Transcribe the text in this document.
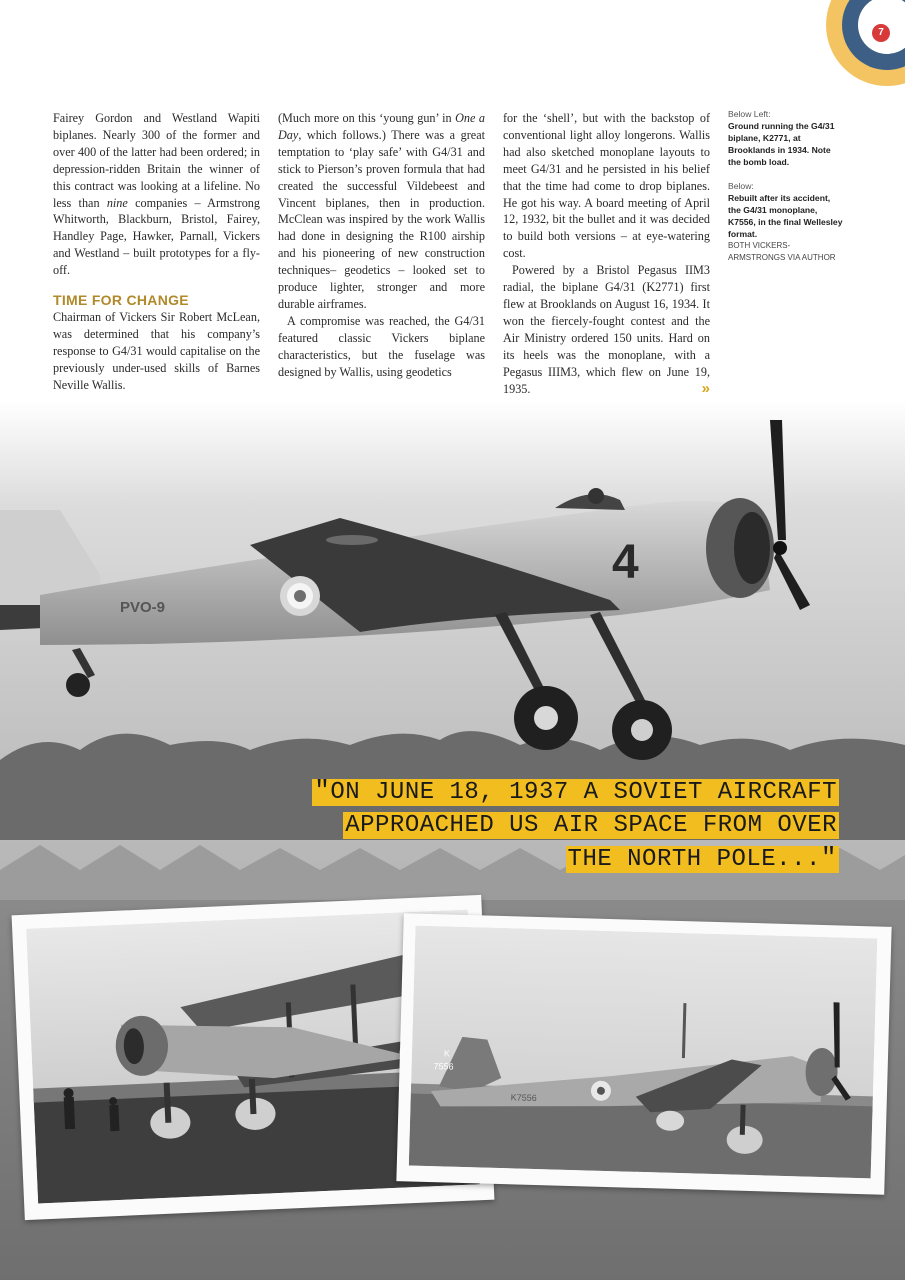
7

Fairey Gordon and Westland Wapiti biplanes. Nearly 300 of the former and over 400 of the latter had been ordered; in depression-ridden Britain the winner of this contract was looking at a lifeline. No less than nine companies – Armstrong Whitworth, Blackburn, Bristol, Fairey, Handley Page, Hawker, Parnall, Vickers and Westland – built prototypes for a fly-off.

TIME FOR CHANGE

Chairman of Vickers Sir Robert McLean, was determined that his company’s response to G4/31 would capitalise on the previously under-used skills of Barnes Neville Wallis.

(Much more on this ‘young gun’ in One a Day, which follows.) There was a great temptation to ‘play safe’ with G4/31 and stick to Pierson’s proven formula that had created the successful Vildebeest and Vincent biplanes, then in production. McClean was inspired by the work Wallis had done in designing the R100 airship and his pioneering of new construction techniques– geodetics – looked set to produce lighter, stronger and more durable airframes.

A compromise was reached, the G4/31 featured classic Vickers biplane characteristics, but the fuselage was designed by Wallis, using geodetics

for the ‘shell’, but with the backstop of conventional light alloy longerons. Wallis had also sketched monoplane layouts to meet G4/31 and he persisted in his belief that the time had come to drop biplanes. He got his way. A board meeting of April 12, 1932, bit the bullet and it was decided to build both versions – at eye-watering cost.

Powered by a Bristol Pegasus IIM3 radial, the biplane G4/31 (K2771) first flew at Brooklands on August 16, 1934. It won the fiercely-fought contest and the Air Ministry ordered 150 units. Hard on its heels was the monoplane, with a Pegasus IIIM3, which flew on June 19, 1935.	»

Below Left:
Ground running the G4/31 biplane, K2771, at Brooklands in 1934. Note the bomb load.
Below:
Rebuilt after its accident, the G4/31 monoplane, K7556, in the final Wellesley format.
BOTH VICKERS-ARMSTRONGS VIA AUTHOR
PVO-9
4
"ON JUNE 18, 1937 A SOVIET AIRCRAFT
APPROACHED US AIR SPACE FROM OVER
THE NORTH POLE..."
K
7556
K7556
